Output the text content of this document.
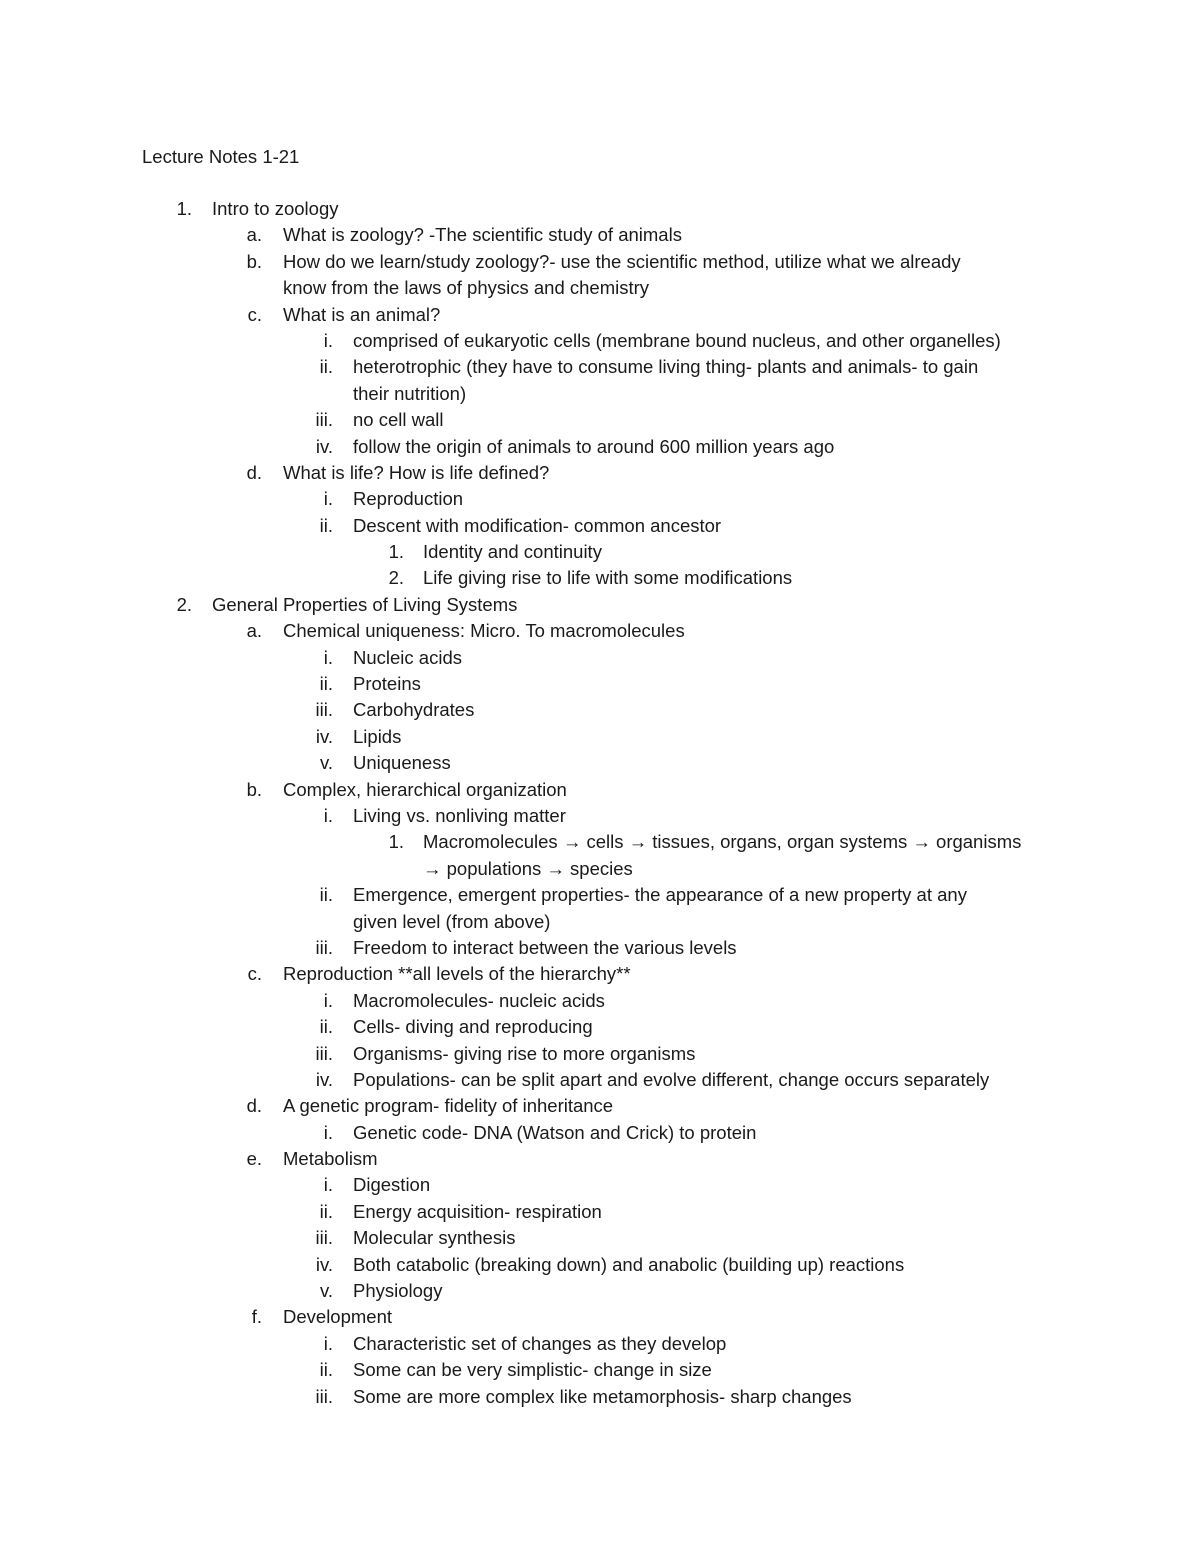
Lecture Notes 1-21
1. Intro to zoology
a. What is zoology? -The scientific study of animals
b. How do we learn/study zoology?- use the scientific method, utilize what we already
know from the laws of physics and chemistry
c. What is an animal?
i. comprised of eukaryotic cells (membrane bound nucleus, and other organelles)
ii. heterotrophic (they have to consume living thing- plants and animals- to gain
their nutrition)
iii. no cell wall
iv. follow the origin of animals to around 600 million years ago
d. What is life? How is life defined?
i. Reproduction
ii. Descent with modification- common ancestor
1. Identity and continuity
2. Life giving rise to life with some modifications
2. General Properties of Living Systems
a. Chemical uniqueness: Micro. To macromolecules
i. Nucleic acids
ii. Proteins
iii. Carbohydrates
iv. Lipids
v. Uniqueness
b. Complex, hierarchical organization
i. Living vs. nonliving matter
1. Macromolecules → cells → tissues, organs, organ systems → organisms
→ populations → species
ii. Emergence, emergent properties- the appearance of a new property at any
given level (from above)
iii. Freedom to interact between the various levels
c. Reproduction **all levels of the hierarchy**
i. Macromolecules- nucleic acids
ii. Cells- diving and reproducing
iii. Organisms- giving rise to more organisms
iv. Populations- can be split apart and evolve different, change occurs separately
d. A genetic program- fidelity of inheritance
i. Genetic code- DNA (Watson and Crick) to protein
e. Metabolism
i. Digestion
ii. Energy acquisition- respiration
iii. Molecular synthesis
iv. Both catabolic (breaking down) and anabolic (building up) reactions
v. Physiology
f. Development
i. Characteristic set of changes as they develop
ii. Some can be very simplistic- change in size
iii. Some are more complex like metamorphosis- sharp changes
